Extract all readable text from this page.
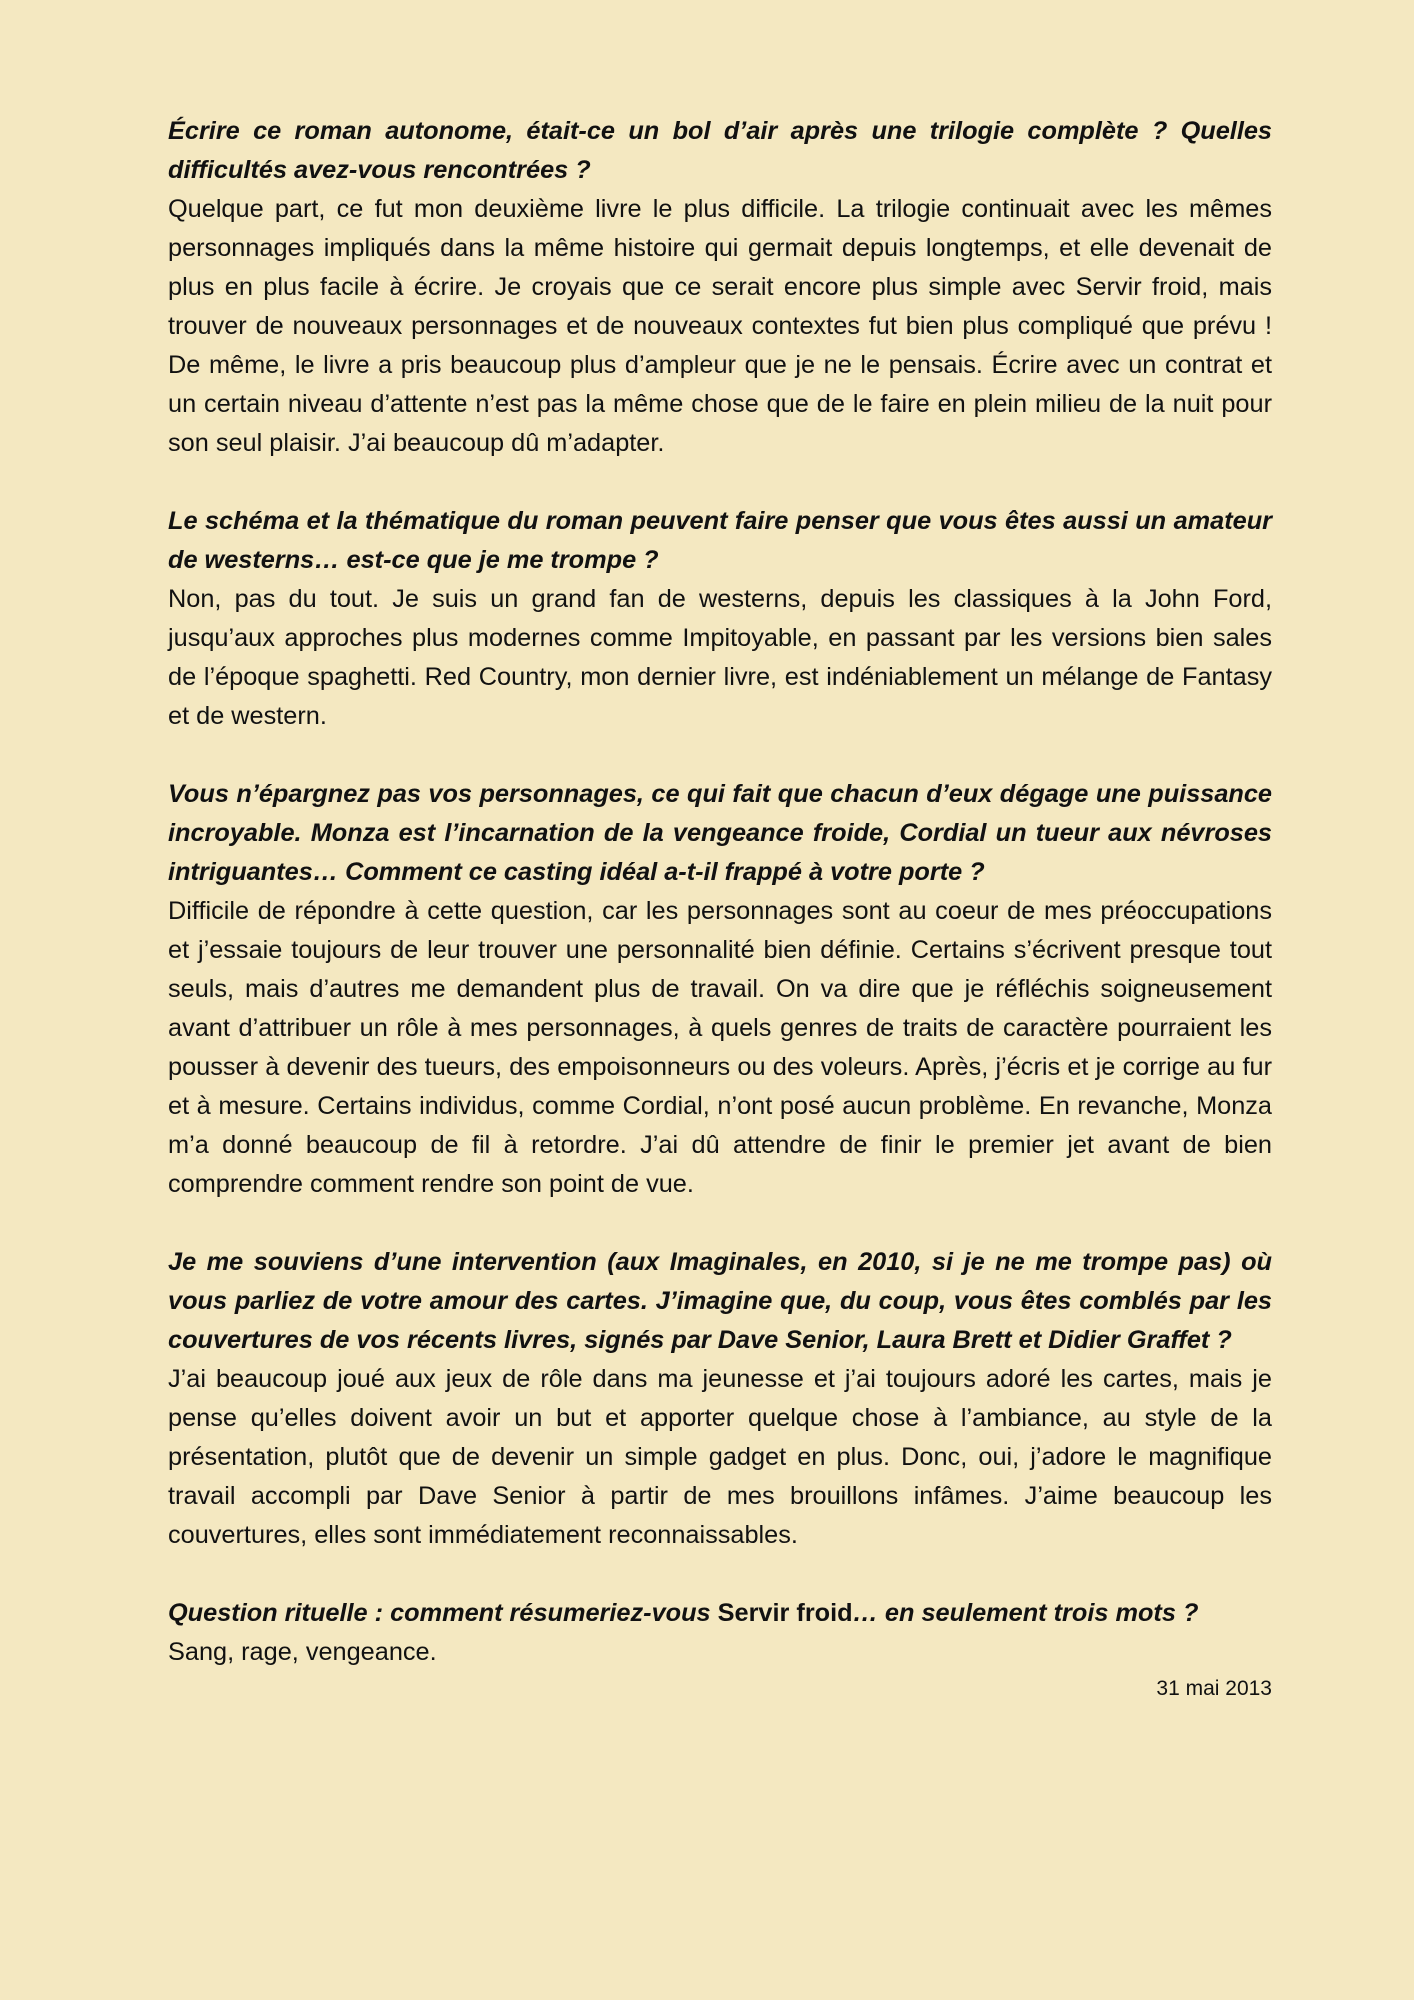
Écrire ce roman autonome, était-ce un bol d’air après une trilogie complète ? Quelles difficultés avez-vous rencontrées ?

Quelque part, ce fut mon deuxième livre le plus difficile. La trilogie continuait avec les mêmes personnages impliqués dans la même histoire qui germait depuis longtemps, et elle devenait de plus en plus facile à écrire. Je croyais que ce serait encore plus simple avec Servir froid, mais trouver de nouveaux personnages et de nouveaux contextes fut bien plus compliqué que prévu ! De même, le livre a pris beaucoup plus d’ampleur que je ne le pensais. Écrire avec un contrat et un certain niveau d’attente n’est pas la même chose que de le faire en plein milieu de la nuit pour son seul plaisir. J’ai beaucoup dû m’adapter.

Le schéma et la thématique du roman peuvent faire penser que vous êtes aussi un amateur de westerns… est-ce que je me trompe ?

Non, pas du tout. Je suis un grand fan de westerns, depuis les classiques à la John Ford, jusqu’aux approches plus modernes comme Impitoyable, en passant par les versions bien sales de l’époque spaghetti. Red Country, mon dernier livre, est indéniablement un mélange de Fantasy et de western.

Vous n’épargnez pas vos personnages, ce qui fait que chacun d’eux dégage une puissance incroyable. Monza est l’incarnation de la vengeance froide, Cordial un tueur aux névroses intriguantes… Comment ce casting idéal a-t-il frappé à votre porte ?

Difficile de répondre à cette question, car les personnages sont au coeur de mes préoccupations et j’essaie toujours de leur trouver une personnalité bien définie. Certains s’écrivent presque tout seuls, mais d’autres me demandent plus de travail. On va dire que je réfléchis soigneusement avant d’attribuer un rôle à mes personnages, à quels genres de traits de caractère pourraient les pousser à devenir des tueurs, des empoisonneurs ou des voleurs. Après, j’écris et je corrige au fur et à mesure. Certains individus, comme Cordial, n’ont posé aucun problème. En revanche, Monza m’a donné beaucoup de fil à retordre. J’ai dû attendre de finir le premier jet avant de bien comprendre comment rendre son point de vue.

Je me souviens d’une intervention (aux Imaginales, en 2010, si je ne me trompe pas) où vous parliez de votre amour des cartes. J’imagine que, du coup, vous êtes comblés par les couvertures de vos récents livres, signés par Dave Senior, Laura Brett et Didier Graffet ?

J’ai beaucoup joué aux jeux de rôle dans ma jeunesse et j’ai toujours adoré les cartes, mais je pense qu’elles doivent avoir un but et apporter quelque chose à l’ambiance, au style de la présentation, plutôt que de devenir un simple gadget en plus. Donc, oui, j’adore le magnifique travail accompli par Dave Senior à partir de mes brouillons infâmes. J’aime beaucoup les couvertures, elles sont immédiatement reconnaissables.

Question rituelle : comment résumeriez-vous Servir froid… en seulement trois mots ?

Sang, rage, vengeance.

31 mai 2013
